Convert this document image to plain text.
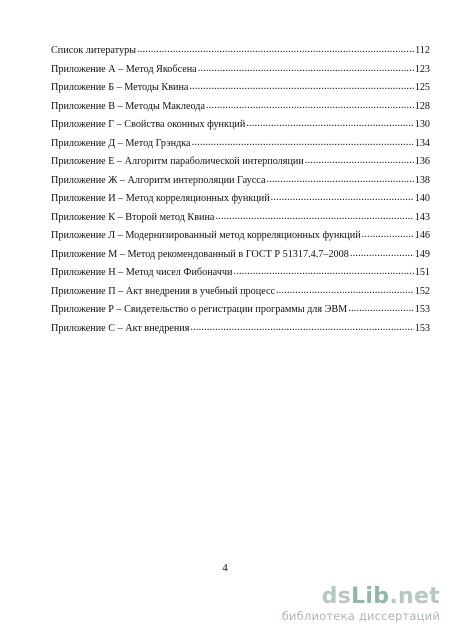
Список литературы .....	112
Приложение А – Метод Якобсена .....	123
Приложение Б – Методы Квина .....	125
Приложение В – Методы Маклеода .....	128
Приложение Г – Свойства оконных функций .....	130
Приложение Д – Метод Грэндка .....	134
Приложение Е – Алгоритм параболической интерполяции .....	136
Приложение Ж – Алгоритм интерполяции Гаусса .....	138
Приложение И – Метод корреляционных функций .....	140
Приложение К – Второй метод Квина .....	143
Приложение Л – Модернизированный метод корреляционных функций .....	146
Приложение М – Метод рекомендованный в ГОСТ Р 51317.4.7–2008 .....	149
Приложение Н – Метод чисел Фибоначчи .....	151
Приложение П – Акт внедрения в учебный процесс .....	152
Приложение Р – Свидетельство о регистрации программы для ЭВМ .....	153
Приложение С – Акт внедрения .....	153
4
dsLib.net
библиотека диссертаций
